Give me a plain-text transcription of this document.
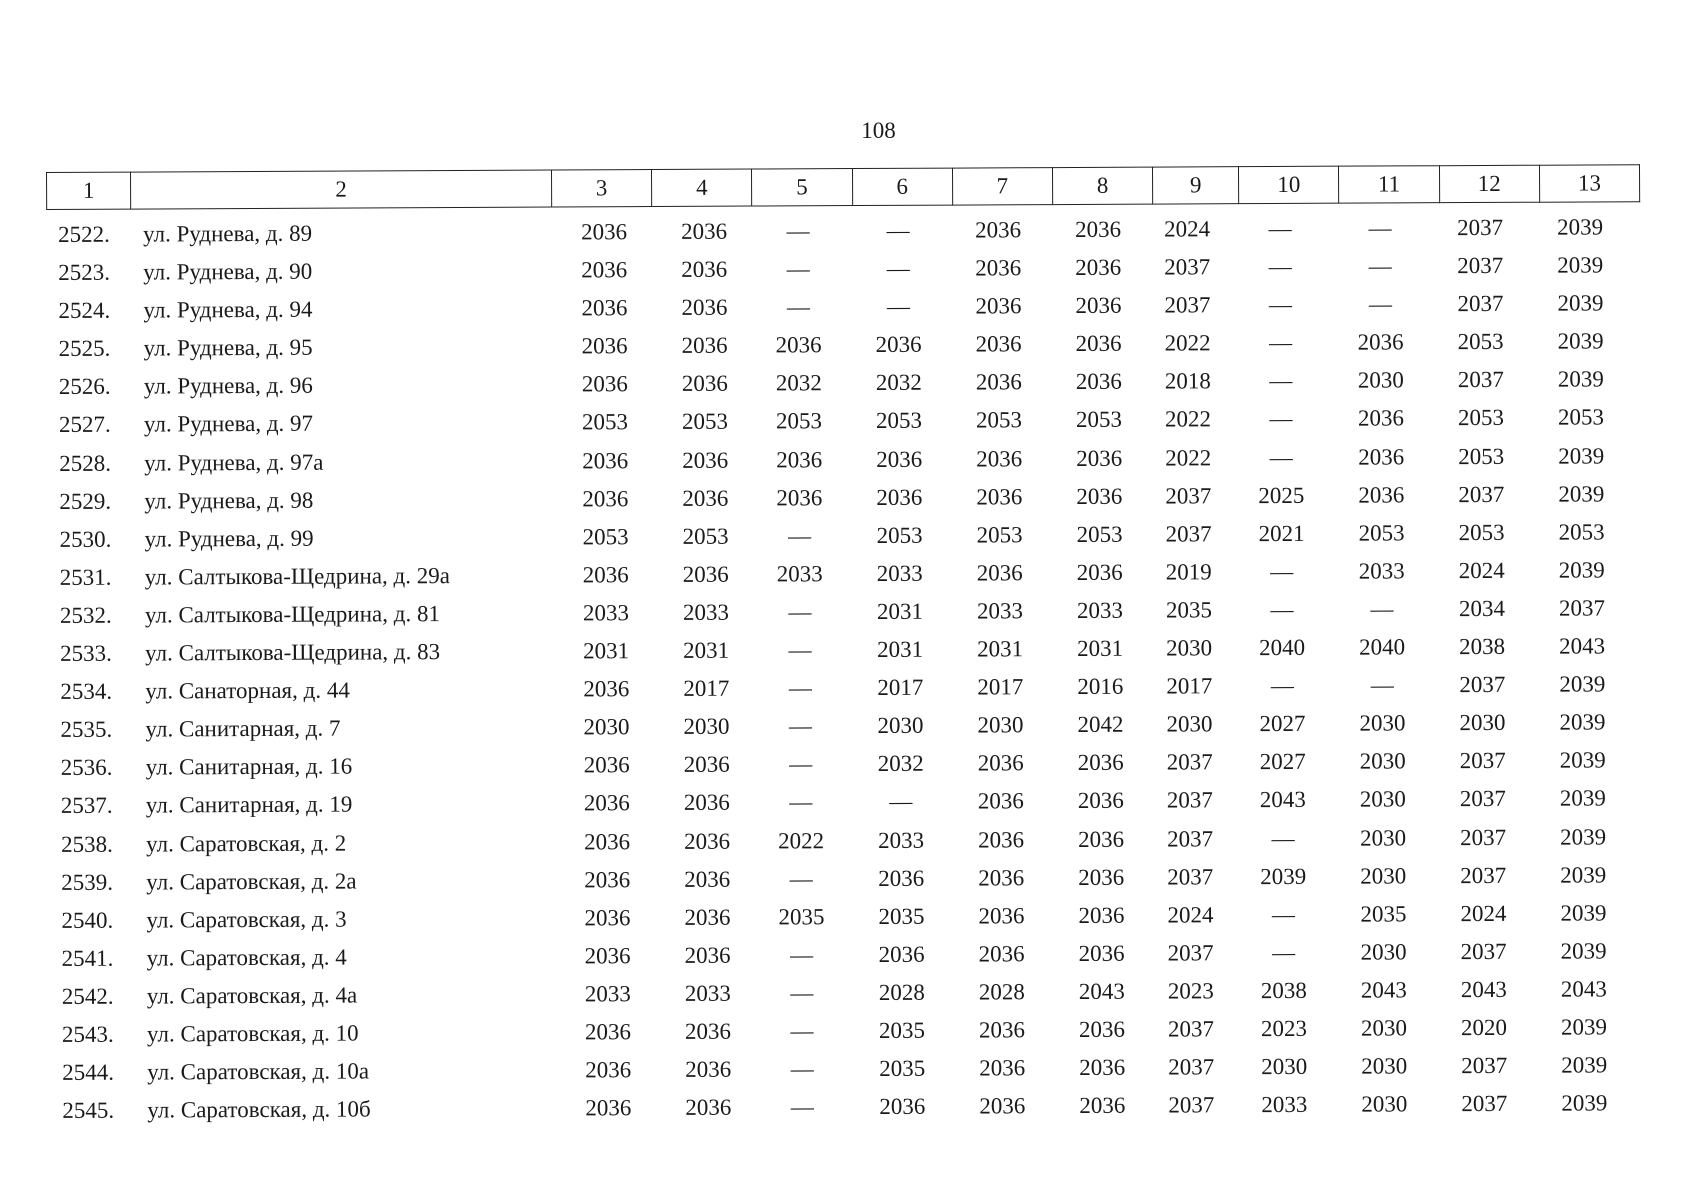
108
1	2	3	4	5	6	7	8	9	10	11	12	13
2522. ул. Руднева, д. 89	2036	2036	—	—	2036	2036	2024	—	—	2037	2039
2523. ул. Руднева, д. 90	2036	2036	—	—	2036	2036	2037	—	—	2037	2039
2524. ул. Руднева, д. 94	2036	2036	—	—	2036	2036	2037	—	—	2037	2039
2525. ул. Руднева, д. 95	2036	2036	2036	2036	2036	2036	2022	—	2036	2053	2039
2526. ул. Руднева, д. 96	2036	2036	2032	2032	2036	2036	2018	—	2030	2037	2039
2527. ул. Руднева, д. 97	2053	2053	2053	2053	2053	2053	2022	—	2036	2053	2053
2528. ул. Руднева, д. 97а	2036	2036	2036	2036	2036	2036	2022	—	2036	2053	2039
2529. ул. Руднева, д. 98	2036	2036	2036	2036	2036	2036	2037	2025	2036	2037	2039
2530. ул. Руднева, д. 99	2053	2053	—	2053	2053	2053	2037	2021	2053	2053	2053
2531. ул. Салтыкова-Щедрина, д. 29а	2036	2036	2033	2033	2036	2036	2019	—	2033	2024	2039
2532. ул. Салтыкова-Щедрина, д. 81	2033	2033	—	2031	2033	2033	2035	—	—	2034	2037
2533. ул. Салтыкова-Щедрина, д. 83	2031	2031	—	2031	2031	2031	2030	2040	2040	2038	2043
2534. ул. Санаторная, д. 44	2036	2017	—	2017	2017	2016	2017	—	—	2037	2039
2535. ул. Санитарная, д. 7	2030	2030	—	2030	2030	2042	2030	2027	2030	2030	2039
2536. ул. Санитарная, д. 16	2036	2036	—	2032	2036	2036	2037	2027	2030	2037	2039
2537. ул. Санитарная, д. 19	2036	2036	—	—	2036	2036	2037	2043	2030	2037	2039
2538. ул. Саратовская, д. 2	2036	2036	2022	2033	2036	2036	2037	—	2030	2037	2039
2539. ул. Саратовская, д. 2а	2036	2036	—	2036	2036	2036	2037	2039	2030	2037	2039
2540. ул. Саратовская, д. 3	2036	2036	2035	2035	2036	2036	2024	—	2035	2024	2039
2541. ул. Саратовская, д. 4	2036	2036	—	2036	2036	2036	2037	—	2030	2037	2039
2542. ул. Саратовская, д. 4а	2033	2033	—	2028	2028	2043	2023	2038	2043	2043	2043
2543. ул. Саратовская, д. 10	2036	2036	—	2035	2036	2036	2037	2023	2030	2020	2039
2544. ул. Саратовская, д. 10а	2036	2036	—	2035	2036	2036	2037	2030	2030	2037	2039
2545. ул. Саратовская, д. 10б	2036	2036	—	2036	2036	2036	2037	2033	2030	2037	2039
